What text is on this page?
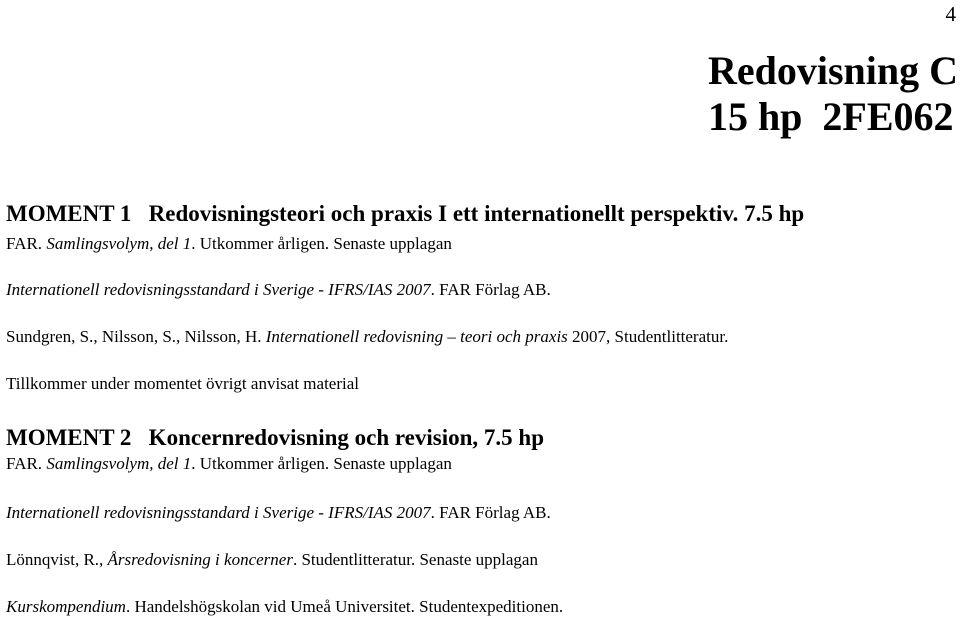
4
Redovisning C
15 hp  2FE062
MOMENT 1   Redovisningsteori och praxis I ett internationellt perspektiv. 7.5 hp
FAR. Samlingsvolym, del 1. Utkommer årligen. Senaste upplagan
Internationell redovisningsstandard i Sverige - IFRS/IAS 2007. FAR Förlag AB.
Sundgren, S., Nilsson, S., Nilsson, H. Internationell redovisning – teori och praxis 2007, Studentlitteratur.
Tillkommer under momentet övrigt anvisat material
MOMENT 2   Koncernredovisning och revision, 7.5 hp
FAR. Samlingsvolym, del 1. Utkommer årligen. Senaste upplagan
Internationell redovisningsstandard i Sverige - IFRS/IAS 2007. FAR Förlag AB.
Lönnqvist, R., Årsredovisning i koncerner. Studentlitteratur. Senaste upplagan
Kurskompendium. Handelshögskolan vid Umeå Universitet. Studentexpeditionen.
